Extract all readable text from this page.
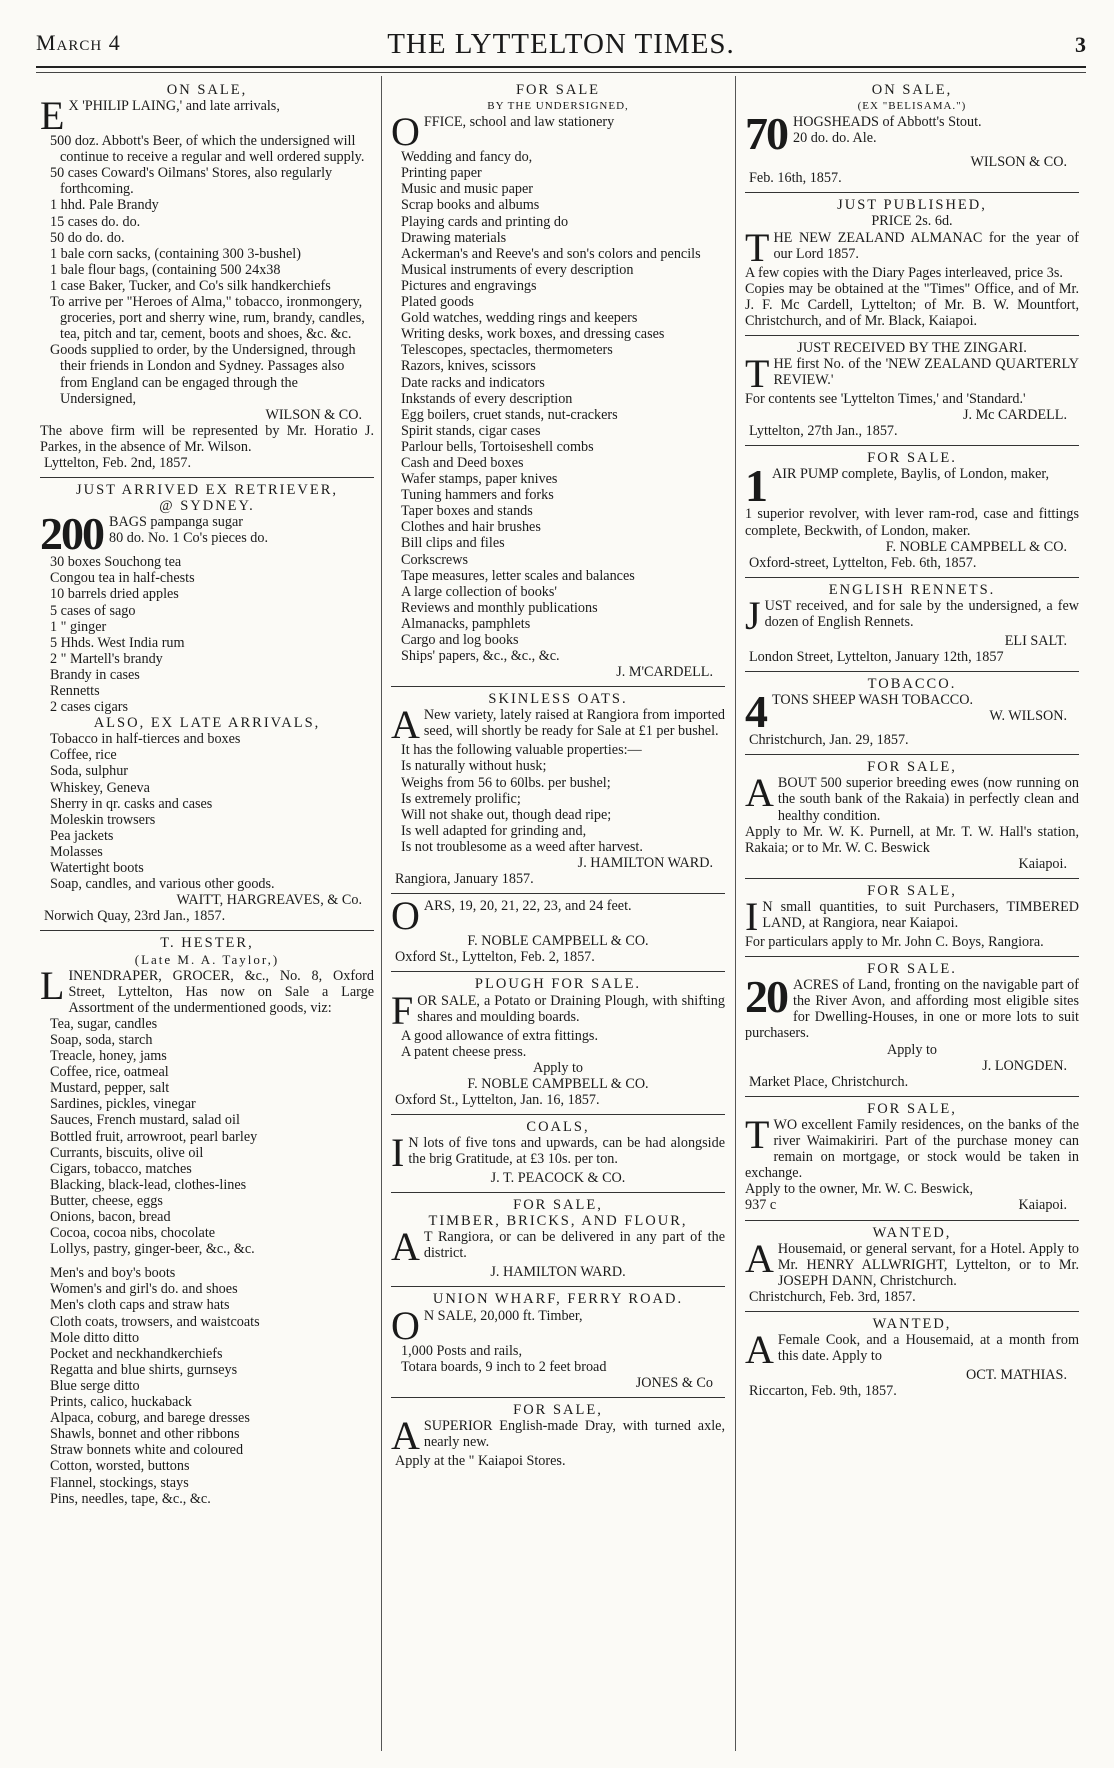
March 4	THE LYTTELTON TIMES.	3
ON SALE,
E X 'PHILIP LAING,' and late arrivals,
500 doz. Abbott's Beer, of which the undersigned will continue to receive a regular and well ordered supply.
50 cases Coward's Oilmans' Stores, also regularly forthcoming.
1 hhd. Pale Brandy
15 cases do. do.
50 do do. do.
1 bale corn sacks, (containing 300 3-bushel)
1 bale flour bags, (containing 500 24x38
1 case Baker, Tucker, and Co's silk handkerchiefs
To arrive per "Heroes of Alma," tobacco, ironmongery, groceries, port and sherry wine, rum, brandy, candles, tea, pitch and tar, cement, boots and shoes, &c. &c.
Goods supplied to order, by the Undersigned, through their friends in London and Sydney. Passages also from England can be engaged through the Undersigned,
WILSON & CO.
The above firm will be represented by Mr. Horatio J. Parkes, in the absence of Mr. Wilson.
Lyttelton, Feb. 2nd, 1857.
JUST ARRIVED EX RETRIEVER,
@ SYDNEY.
200 BAGS pampanga sugar
80 do. No. 1 Co's pieces do.
30 boxes Souchong tea
Congou tea in half-chests
10 barrels dried apples
5 cases of sago
1 " ginger
5 Hhds. West India rum
2 " Martell's brandy
Brandy in cases
Rennetts
2 cases cigars
ALSO, EX LATE ARRIVALS,
Tobacco in half-tierces and boxes
Coffee, rice
Soda, sulphur
Whiskey, Geneva
Sherry in qr. casks and cases
Moleskin trowsers
Pea jackets
Molasses
Watertight boots
Soap, candles, and various other goods.
WAITT, HARGREAVES, & Co.
Norwich Quay, 23rd Jan., 1857.
T. HESTER,
(Late M. A. Taylor,)
LINENDRAPER, GROCER, &c., No. 8, Oxford Street, Lyttelton, Has now on Sale a Large Assortment of the undermentioned goods, viz:
Tea, sugar, candles
Soap, soda, starch
Treacle, honey, jams
Coffee, rice, oatmeal
Mustard, pepper, salt
Sardines, pickles, vinegar
Sauces, French mustard, salad oil
Bottled fruit, arrowroot, pearl barley
Currants, biscuits, olive oil
Cigars, tobacco, matches
Blacking, black-lead, clothes-lines
Butter, cheese, eggs
Onions, bacon, bread
Cocoa, cocoa nibs, chocolate
Lollys, pastry, ginger-beer, &c., &c.
Men's and boy's boots
Women's and girl's do. and shoes
Men's cloth caps and straw hats
Cloth coats, trowsers, and waistcoats
Mole ditto ditto
Pocket and neckhandkerchiefs
Regatta and blue shirts, gurnseys
Blue serge ditto
Prints, calico, huckaback
Alpaca, coburg, and barege dresses
Shawls, bonnet and other ribbons
Straw bonnets white and coloured
Cotton, worsted, buttons
Flannel, stockings, stays
Pins, needles, tape, &c., &c.
FOR SALE
BY THE UNDERSIGNED,
OFFICE, school and law stationery
Wedding and fancy do,
Printing paper
Music and music paper
Scrap books and albums
Playing cards and printing do
Drawing materials
Ackerman's and Reeve's and son's colors and pencils
Musical instruments of every description
Pictures and engravings
Plated goods
Gold watches, wedding rings and keepers
Writing desks, work boxes, and dressing cases
Telescopes, spectacles, thermometers
Razors, knives, scissors
Date racks and indicators
Inkstands of every description
Egg boilers, cruet stands, nut-crackers
Spirit stands, cigar cases
Parlour bells, Tortoiseshell combs
Cash and Deed boxes
Wafer stamps, paper knives
Tuning hammers and forks
Taper boxes and stands
Clothes and hair brushes
Bill clips and files
Corkscrews
Tape measures, letter scales and balances
A large collection of books'
Reviews and monthly publications
Almanacks, pamphlets
Cargo and log books
Ships' papers, &c., &c., &c.
J. M'CARDELL.
SKINLESS OATS.
A New variety, lately raised at Rangiora from imported seed, will shortly be ready for Sale at £1 per bushel.
It has the following valuable properties:—
Is naturally without husk;
Weighs from 56 to 60lbs. per bushel;
Is extremely prolific;
Will not shake out, though dead ripe;
Is well adapted for grinding and,
Is not troublesome as a weed after harvest.
J. HAMILTON WARD.
Rangiora, January 1857.
OARS, 19, 20, 21, 22, 23, and 24 feet.
F. NOBLE CAMPBELL & CO.
Oxford St., Lyttelton, Feb. 2, 1857.
PLOUGH FOR SALE.
FOR SALE, a Potato or Draining Plough, with shifting shares and moulding boards.
A good allowance of extra fittings.
A patent cheese press.
Apply to
F. NOBLE CAMPBELL & CO.
Oxford St., Lyttelton, Jan. 16, 1857.
COALS,
I N lots of five tons and upwards, can be had alongside the brig Gratitude, at £3 10s. per ton.
J. T. PEACOCK & CO.
FOR SALE,
TIMBER, BRICKS, AND FLOUR,
A T Rangiora, or can be delivered in any part of the district.
J. HAMILTON WARD.
UNION WHARF, FERRY ROAD.
O N SALE, 20,000 ft. Timber,
1,000 Posts and rails,
Totara boards, 9 inch to 2 feet broad
JONES & Co
FOR SALE,
ASUPERIOR English-made Dray, with turned axle, nearly new.
Apply at the " Kaiapoi Stores.
ON SALE,
(EX "BELISAMA.")
70 HOGSHEADS of Abbott's Stout.
20 do. do. Ale.
WILSON & CO.
Feb. 16th, 1857.
JUST PUBLISHED,
PRICE 2s. 6d.
THE NEW ZEALAND ALMANAC for the year of our Lord 1857.
A few copies with the Diary Pages interleaved, price 3s.
Copies may be obtained at the "Times" Office, and of Mr. J. F. Mc Cardell, Lyttelton; of Mr. B. W. Mountfort, Christchurch, and of Mr. Black, Kaiapoi.
JUST RECEIVED BY THE ZINGARI.
THE first No. of the 'NEW ZEALAND QUARTERLY REVIEW.'
For contents see 'Lyttelton Times,' and 'Standard.'
J. Mc CARDELL.
Lyttelton, 27th Jan., 1857.
FOR SALE.
1 AIR PUMP complete, Baylis, of London, maker,
1 superior revolver, with lever ram-rod, case and fittings complete, Beckwith, of London, maker.
F. NOBLE CAMPBELL & CO.
Oxford-street, Lyttelton, Feb. 6th, 1857.
ENGLISH RENNETS.
JUST received, and for sale by the undersigned, a few dozen of English Rennets.
ELI SALT.
London Street, Lyttelton, January 12th, 1857
TOBACCO.
4 TONS SHEEP WASH TOBACCO.
W. WILSON.
Christchurch, Jan. 29, 1857.
FOR SALE,
ABOUT 500 superior breeding ewes (now running on the south bank of the Rakaia) in perfectly clean and healthy condition.
Apply to Mr. W. K. Purnell, at Mr. T. W. Hall's station, Rakaia; or to Mr. W. C. Beswick
Kaiapoi.
FOR SALE,
I N small quantities, to suit Purchasers, TIMBERED LAND, at Rangiora, near Kaiapoi.
For particulars apply to Mr. John C. Boys, Rangiora.
FOR SALE.
20 ACRES of Land, fronting on the navigable part of the River Avon, and affording most eligible sites for Dwelling-Houses, in one or more lots to suit purchasers.
Apply to
J. LONGDEN.
Market Place, Christchurch.
FOR SALE,
TWO excellent Family residences, on the banks of the river Waimakiriri. Part of the purchase money can remain on mortgage, or stock would be taken in exchange.
Apply to the owner, Mr. W. C. Beswick,
937 c	Kaiapoi.
WANTED,
A Housemaid, or general servant, for a Hotel. Apply to Mr. HENRY ALLWRIGHT, Lyttelton, or to Mr. JOSEPH DANN, Christchurch.
Christchurch, Feb. 3rd, 1857.
WANTED,
A Female Cook, and a Housemaid, at a month from this date. Apply to
OCT. MATHIAS.
Riccarton, Feb. 9th, 1857.
